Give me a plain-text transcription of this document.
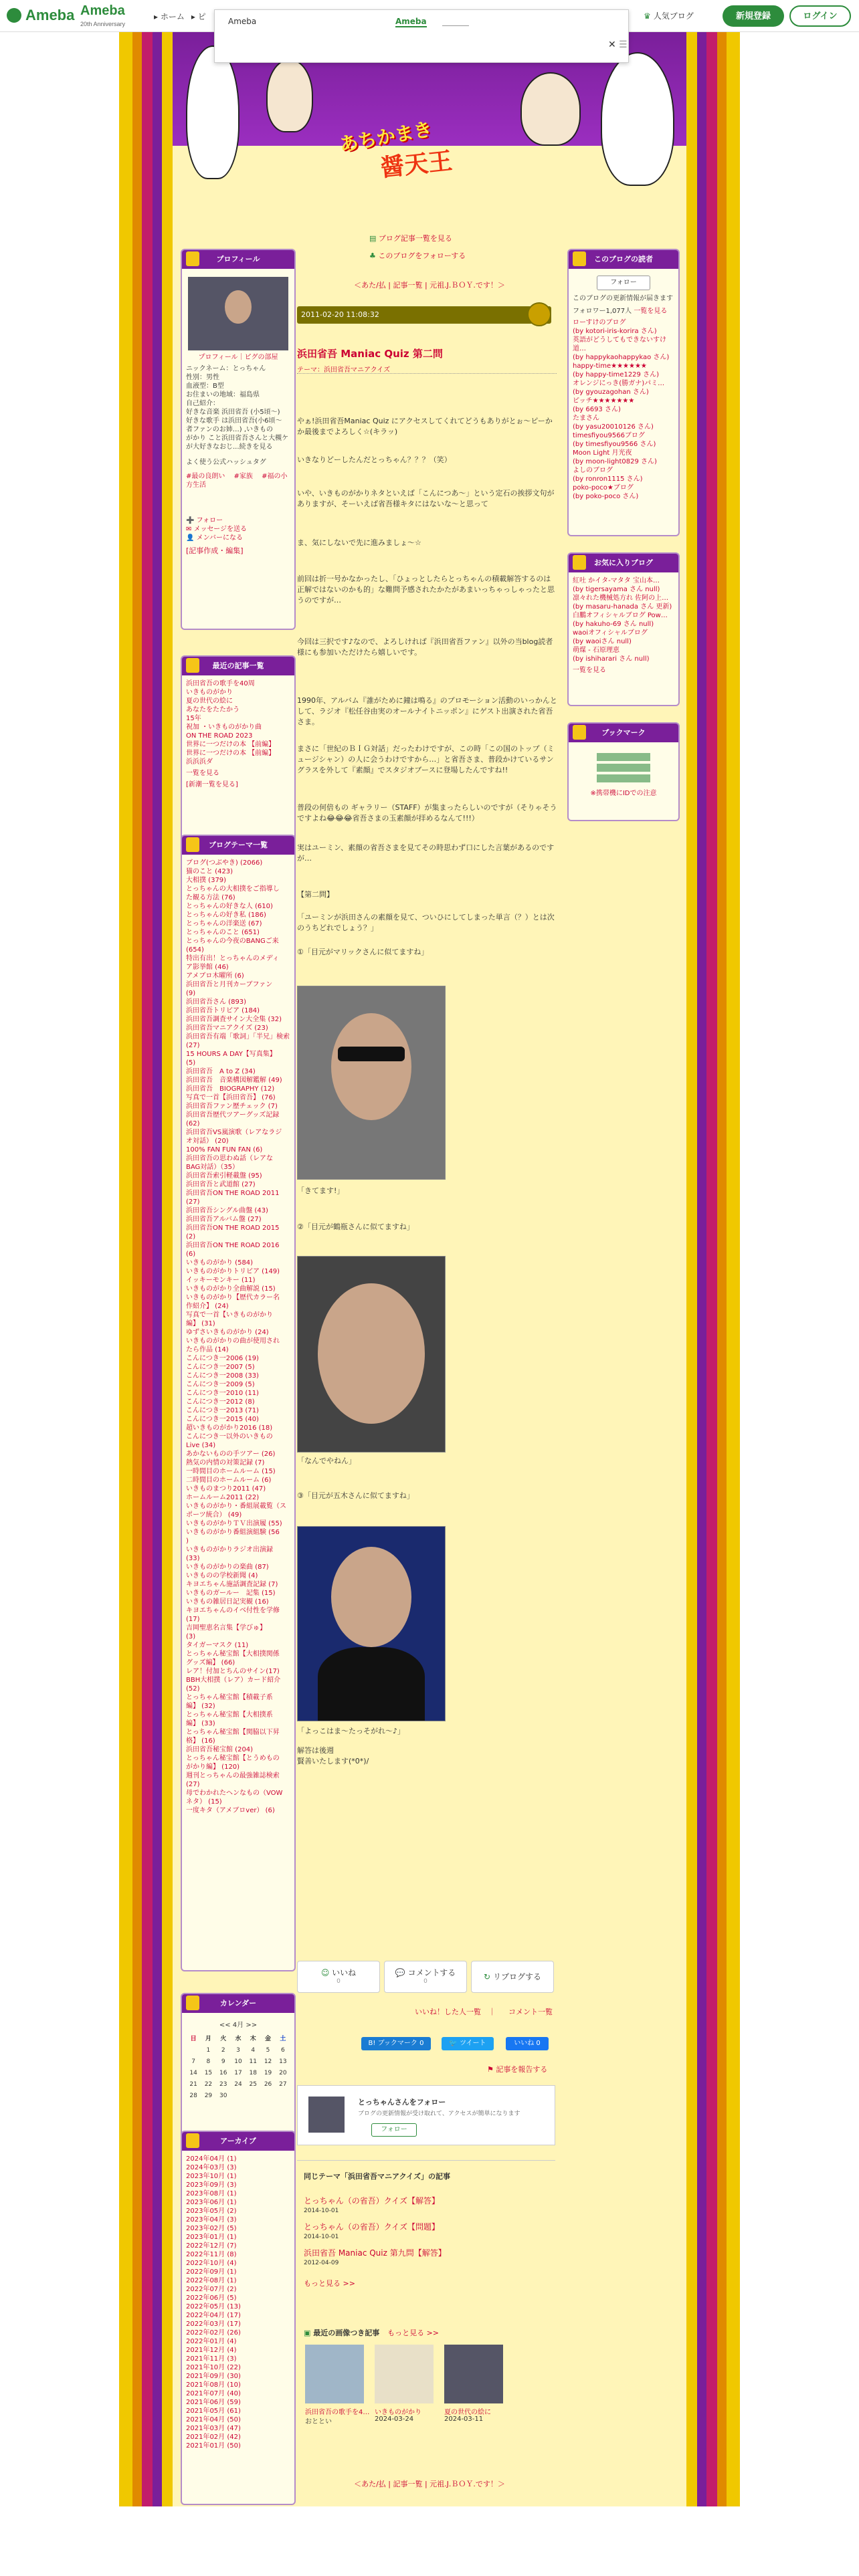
Ameba Ameba
20th Anniversary
▸ ホーム ▸ ピ	♛ 人気ブログ	新規登録	ログイン
あちかまき
醤天王
Ameba	Ameba
✕ ☰
プロフィール
プロフィール｜ピグの部屋
ニックネーム：とっちゃん
性別：男性
血液型：B型
お住まいの地域：福島県
自己紹介：
好きな音楽 浜田省吾 (小5頃〜)
好きな歌手 は浜田省吾(小6頃〜
者ファンのお姉…) ,いきもの
がかり こと浜田省吾さんと大槻ケ
が大好きなおじ...続きを見る
よく使う公式ハッシュタグ
#最の良朗い 　#家族 　#福の小方生活
➕ フォロー
✉ メッセージを送る
👤 メンバーになる
[記事作成・編集]
最近の記事一覧
浜田省吾の歌手を40周
いきものがかり
夏の世代の絵に
あなたをたたかう
15年
祝加 ・いきものがかり曲
ON THE ROAD 2023
世界に一つだけの本 【前編】
世界に一つだけの本 【前編】
浜浜浜ダ
一覧を見る
[新潮一覧を見る]
ブログテーマ一覧
ブログ(つぶやき) (2066)
猫のこと (423)
大相撲 (379)
とっちゃんの大相撲をご指導し
た観る方法 (76)
とっちゃんの好きな人 (610)
とっちゃんの好き私 (186)
とっちゃんの洋楽送 (67)
とっちゃんのこと (651)
とっちゃんの今夜のBANGご来
(654)
特出有出！とっちゃんのメディ
ア影挙館 (46)
アメブロ木曜所 (6)
浜田省吾と月刊カーブファン
(9)
浜田省吾さん (893)
浜田省吾トリビア (184)
浜田省吾調査サイン大全集 (32)
浜田省吾マニアクイズ (23)
浜田省吾有端「歌詞」「半兄」検索
(27)
15 HOURS A DAY【写真集】
(5)
浜田省吾　A to Z (34)
浜田省吾　音楽構図解鑑解 (49)
浜田省吾　BIOGRAPHY (12)
写真で一首【浜田省吾】 (76)
浜田省吾ファン歴チェック (7)
浜田省吾歴代ツアーグッズ記録
(62)
浜田省吾VS嵐演歌（レアなラジ
オ対話） (20)
100% FAN FUN FAN (6)
浜田省吾の思わぬ話（レアな
BAG対話）（35）
浜田省吾索引軽載盤 (95)
浜田省吾と武道館 (27)
浜田省吾ON THE ROAD 2011
(27)
浜田省吾シングル曲盤 (43)
浜田省吾アルバム盤 (27)
浜田省吾ON THE ROAD 2015
(2)
浜田省吾ON THE ROAD 2016
(6)
いきものがかり (584)
いきものがかりトリビア (149)
イッキーモンキー (11)
いきものがかり全曲解説 (15)
いきものがかり【歴代カラー名
作紹介】 (24)
写真で一首【いきものがかり
編】 (31)
ゆずさいきものがかり (24)
いきものがかりの曲が使用され
たら作品 (14)
こんにつき一2006 (19)
こんにつき一2007 (5)
こんにつき一2008 (33)
こんにつき一2009 (5)
こんにつき一2010 (11)
こんにつき一2012 (8)
こんにつき一2013 (71)
こんにつき一2015 (40)
超いきものがかり2016 (18)
こんにつき一以外のいきもの
Live (34)
あかないものの手ツアー (26)
熱気の内情の対策記録 (7)
一時間目のホームルーム (15)
二時間目のホームルーム (6)
いきものまつり2011 (47)
ホームルーム2011 (22)
いきものがかり・番組展載覧（ス
ポーツ統合） (49)
いきものがかりＴＶ出演履 (55)
いきものがかり番組演組験 (56
)
いきものがかりラジオ出演録
(33)
いきものがかりの楽曲 (87)
いきものの学校新聞 (4)
キヨエちゃん施話調査記録 (7)
いきものガールー　記集 (15)
いきもの雑居日記実観 (16)
キヨエちゃんのイベ付性を学修
(17)
吉岡聖恵名言集【学びゅ】
(3)
タイガーマスク (11)
とっちゃん秘宝館【大相撲関係
グッズ編】 (66)
レア！付加とちんのサイン(17)
BBH大相撲（レア）カード紹介
(52)
とっちゃん秘宝館【積載子系
編】 (32)
とっちゃん秘宝館【大相撲系
編】 (33)
とっちゃん秘宝館【関脇以下昇
格】 (16)
浜田省吾秘宝館 (204)
とっちゃん秘宝館【とうめもの
がかり編】 (120)
週刊とっちゃんの最強雑誌検索
(27)
母でわかれたヘンなもの（VOW
ネタ） (15)
一度キタ（アメブロver） (6)
カレンダー
<< 4月 >>
日	月	火	水	木	金	土
	1	2	3	4	5	6
7	8	9	10	11	12	13
14	15	16	17	18	19	20
21	22	23	24	25	26	27
28	29	30				
アーカイブ
2024年04月 (1)
2024年03月 (3)
2023年10月 (1)
2023年09月 (3)
2023年08月 (1)
2023年06月 (1)
2023年05月 (2)
2023年04月 (3)
2023年02月 (5)
2023年01月 (1)
2022年12月 (7)
2022年11月 (8)
2022年10月 (4)
2022年09月 (1)
2022年08月 (1)
2022年07月 (2)
2022年06月 (5)
2022年05月 (13)
2022年04月 (17)
2022年03月 (17)
2022年02月 (26)
2022年01月 (4)
2021年12月 (4)
2021年11月 (3)
2021年10月 (22)
2021年09月 (30)
2021年08月 (10)
2021年07月 (40)
2021年06月 (59)
2021年05月 (61)
2021年04月 (50)
2021年03月 (47)
2021年02月 (42)
2021年01月 (50)
▤ ブログ記事一覧を見る
♣ このブログをフォローする
＜あた/払 | 記事一覧 | 元祖.J.ＢＯＹ.です！＞
2011-02-20 11:08:32
浜田省吾 Maniac Quiz 第二問
テーマ：浜田省吾マニアクイズ
やぁ!浜田省吾Maniac Quiz にアクセスしてくれてどうもありがとぉ〜ピーかか最後までよろしく☆(キラッ)
いきなりどーしたんだとっちゃん？？？（笑）
いや、いきものがかりネタといえば「こんにつあ〜」という定石の挨拶文句がありますが、そーいえば省吾様キタにはないな〜と思って
ま、気にしないで先に進みましょ〜☆
前回は折一号かなかったし、「ひょっとしたらとっちゃんの積載解答するのは正解ではないのかも的」な難問予感されたかたがあまいっちゃっしゃったと思うのですが…
今回は三択です♪なので、よろしければ『浜田省吾ファン』以外の当blog読者様にも参加いただけたら嬉しいです。
1990年、アルバム『誰がために鐘は鳴る』のプロモーション活動のいっかんとして、ラジオ『松任谷由実のオールナイトニッポン』にゲスト出演された省吾さま。
まさに「世紀のＢＩＧ対話」だったわけですが、この時「この国のトップ（ミュージシャン）の人に会うわけですから…」と省吾さま、普段かけているサングラスを外して『素顔』でスタジオブースに登場したんですね!!
普段の何倍もの ギャラリー（STAFF）が集まったらしいのですが（そりゃそうですよね😂😂😂省吾さまの玉素顔が拝めるなんて!!!）
実はユーミン、素顔の省吾さまを見てその時思わず口にした言葉があるのですが…
【第二問】
「ユーミンが浜田さんの素顔を見て、ついひにしてしまった単言（？）とは次のうちどれでしょう？」
①「目元がマリックさんに似てますね」
「きてます!」
②「目元が鶴瓶さんに似てますね」
「なんでやねん」
③「目元が五木さんに似てますね」
「よっこはま〜たっそがれ〜♪」
解答は後週
賢善いたします(*0*)/
☺ いいね
0
💬 コメントする
0	↻ リブログする
いいね！した人一覧 ｜ コメント一覧
B! ブックマーク 0	🐦 ツイート	いいね 0
⚑ 記事を報告する
とっちゃんさんをフォロー
ブログの更新情報が受け取れて、アクセスが簡単になります
フォロー
同じテーマ「浜田省吾マニアクイズ」の記事
とっちゃん（の省吾）クイズ【解答】
2014-10-01
とっちゃん（の省吾）クイズ【問題】
2014-10-01
浜田省吾 Maniac Quiz 第九問【解答】
2012-04-09
もっと見る >>
▣ 最近の画像つき記事 もっと見る >>
浜田省吾の歌手を4…
おととい
いきものがかり
2024-03-24
夏の世代の絵に
2024-03-11
＜あた/払 | 記事一覧 | 元祖.J.ＢＯＹ.です！＞
このブログの読者
フォロー
このブログの更新情報が届きます
フォロワー1,077人 一覧を見る
ローすけのブログ
(by kotori-iris-korira さん)
英語がどうしてもできないすけ道…
(by happykaohappykao さん)
happy-time★★★★★★
(by happy-time1229 さん)
オレンジにっき(勝ガナ)パミ…
(by gyouzagohan さん)
ピッチ★★★★★★★
(by 6693 さん)
たまさん
(by yasu20010126 さん)
timesfiyou9566ブログ
(by timesfiyou9566 さん)
Moon Light 月光夜
(by moon-light0829 さん)
よしのブログ
(by ronron1115 さん)
poko-poco★ブログ
(by poko-poco さん)
お気に入りブログ
紅吐 かイタ-マタタ 宝山本…
(by tigersayama さん null)
凛々れた機械処方れ 佐阿の上…
(by masaru-hanada さん 更新)
白鵬オフィシャルブログ Pow…
(by hakuho-69 さん null)
waoiオフィシャルブログ
(by waoiさん null)
萌煤 - 石原理恵
(by ishiharari さん null)
一覧を見る
ブックマーク
※携帯機にIDでの注意
